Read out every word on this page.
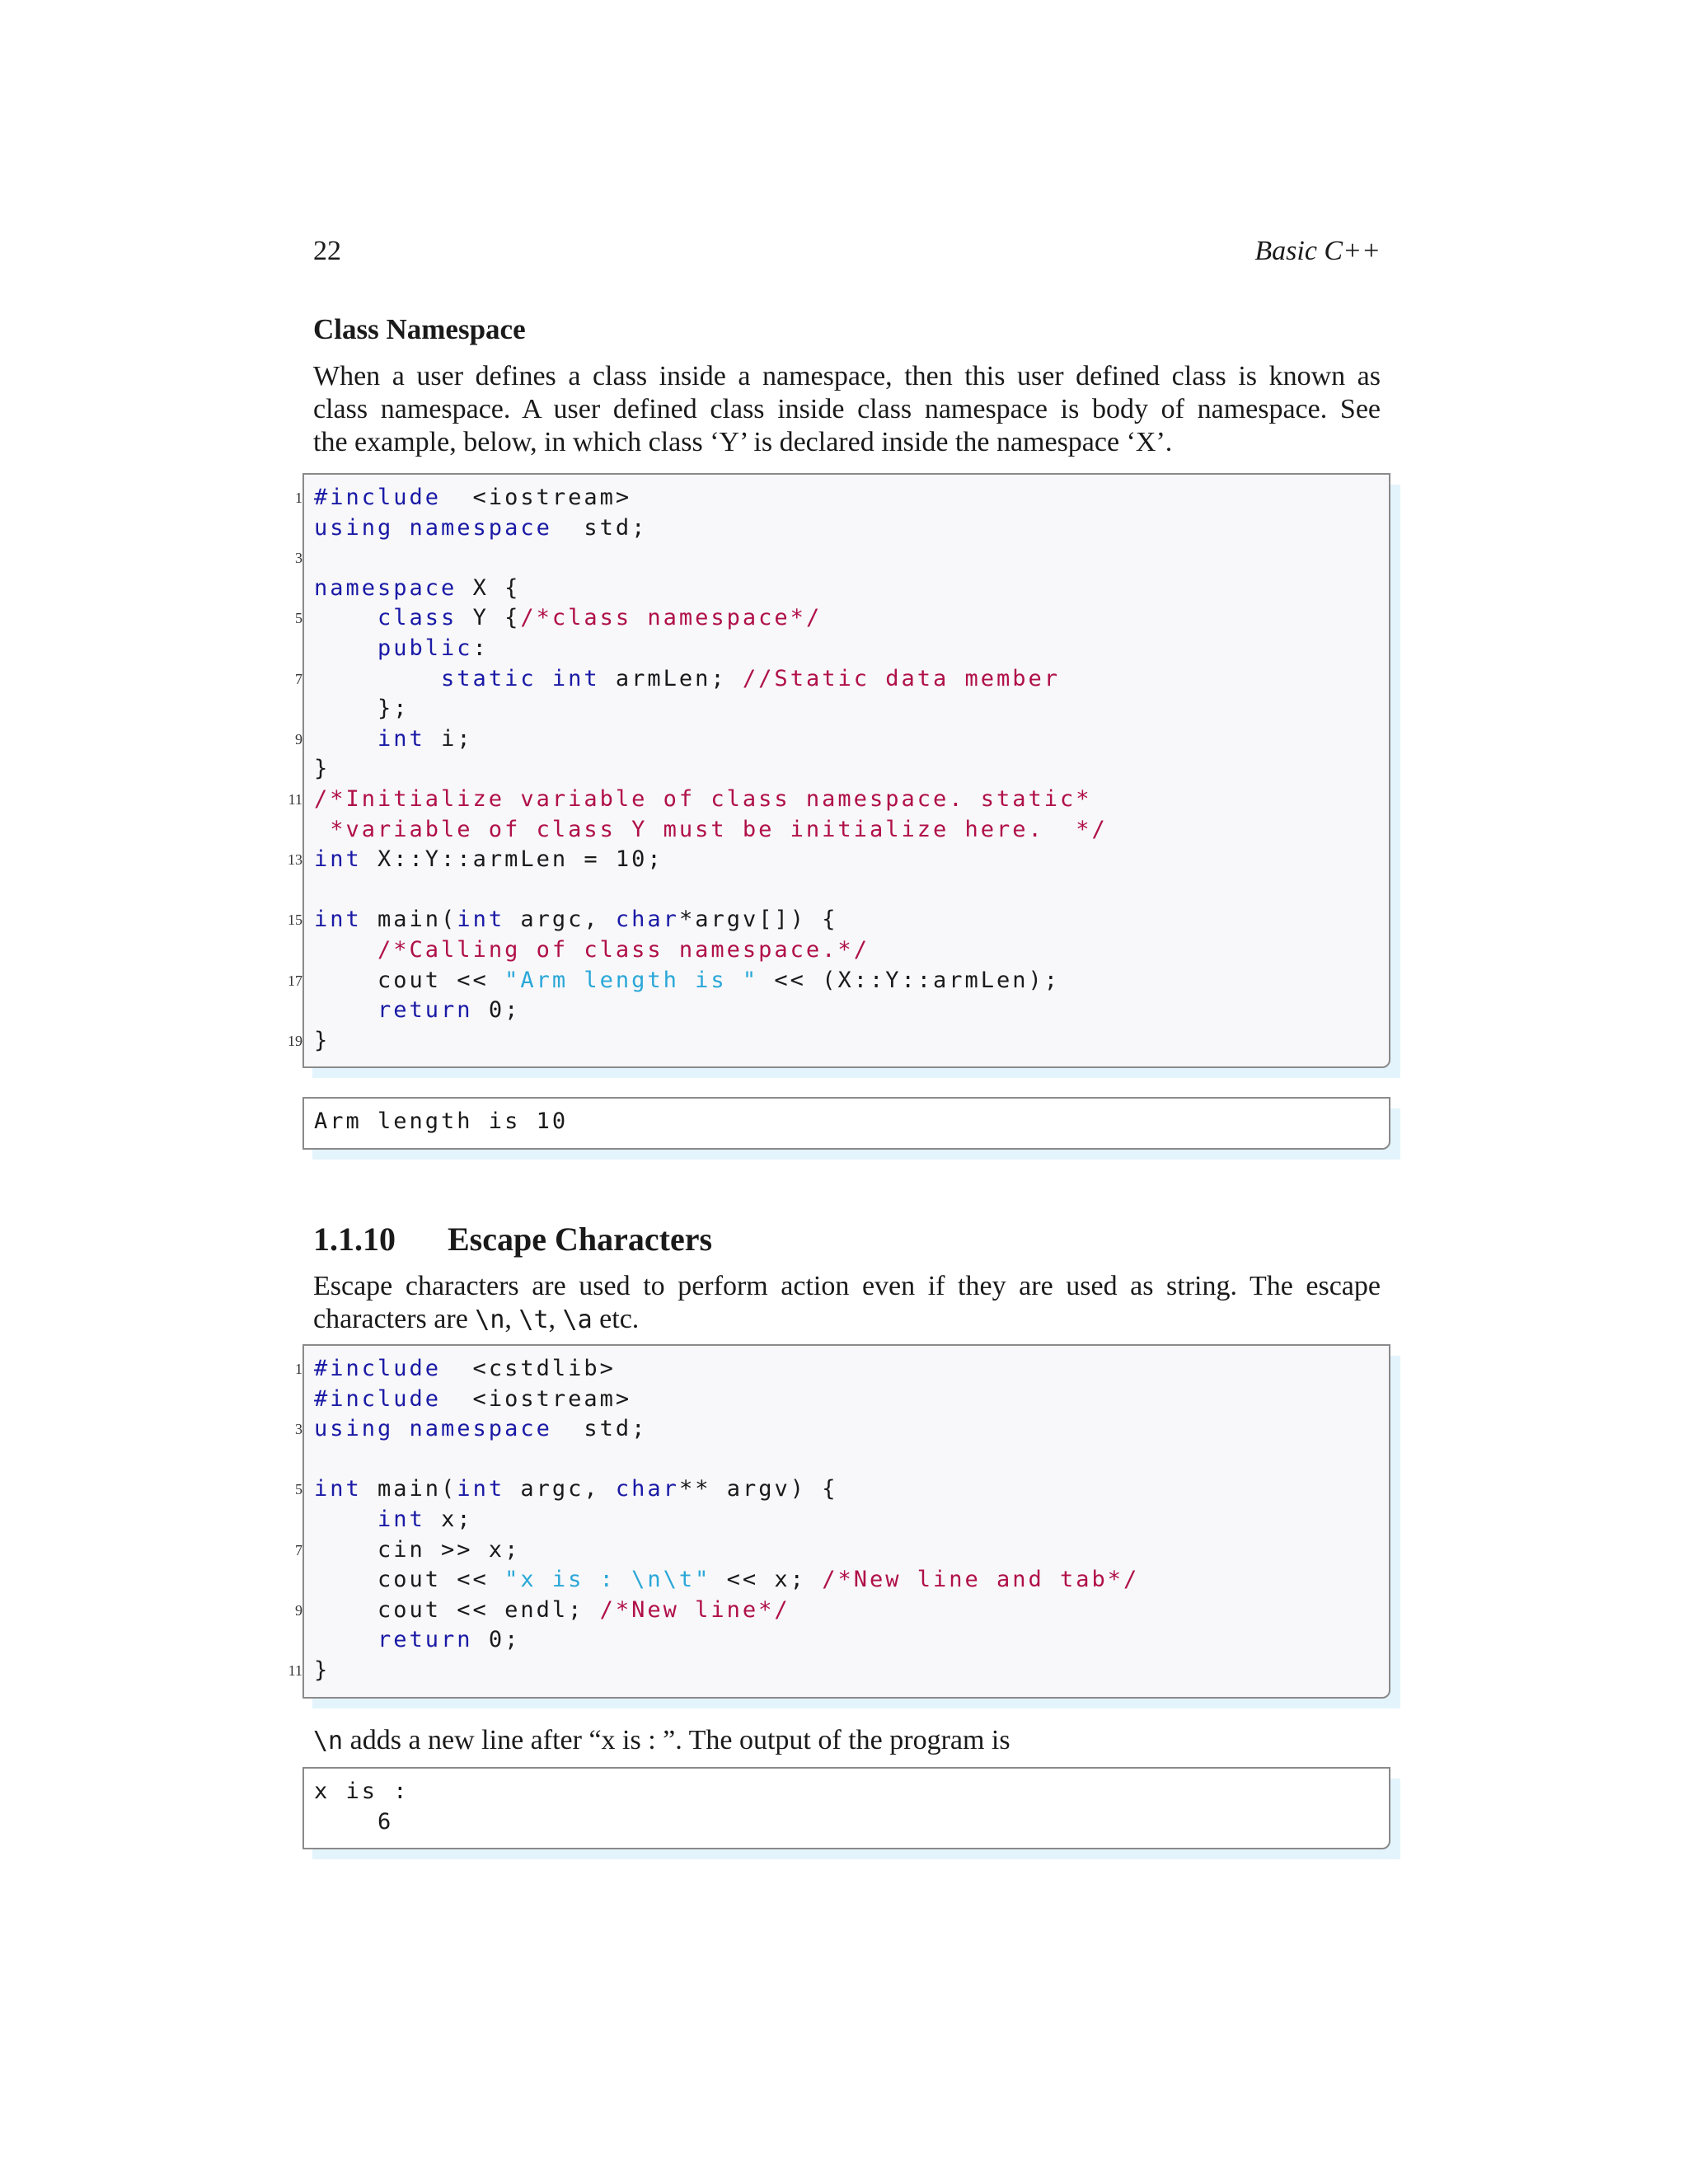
22	Basic C++
Class Namespace
When a user defines a class inside a namespace, then this user defined class is known as
class namespace. A user defined class inside class namespace is body of namespace. See
the example, below, in which class ‘Y’ is declared inside the namespace ‘X’.
1 #include  <iostream>
using namespace  std;
3

namespace X {
5	class Y {/*class namespace*/
public:
7	static int armLen; //Static data member
};
9	int i;
}
11 /*Initialize variable of class namespace. static*
*variable of class Y must be initialize here.  */
13 int X::Y::armLen = 10;

15 int main(int argc, char*argv[]) {
/*Calling of class namespace.*/
17 cout << "Arm length is " << (X::Y::armLen);
return 0;
19 }
Arm length is 10
1.1.10 Escape Characters
Escape characters are used to perform action even if they are used as string. The escape
characters are \n, \t, \a etc.
1 #include  <cstdlib>
#include  <iostream>
3 using namespace  std;

5 int main(int argc, char** argv) {
int x;
7 cin >> x;
cout << "x is : \n\t" << x; /*New line and tab*/
9 cout << endl; /*New line*/
return 0;
11 }
\n adds a new line after “x is : ”. The output of the program is
x is :
6
